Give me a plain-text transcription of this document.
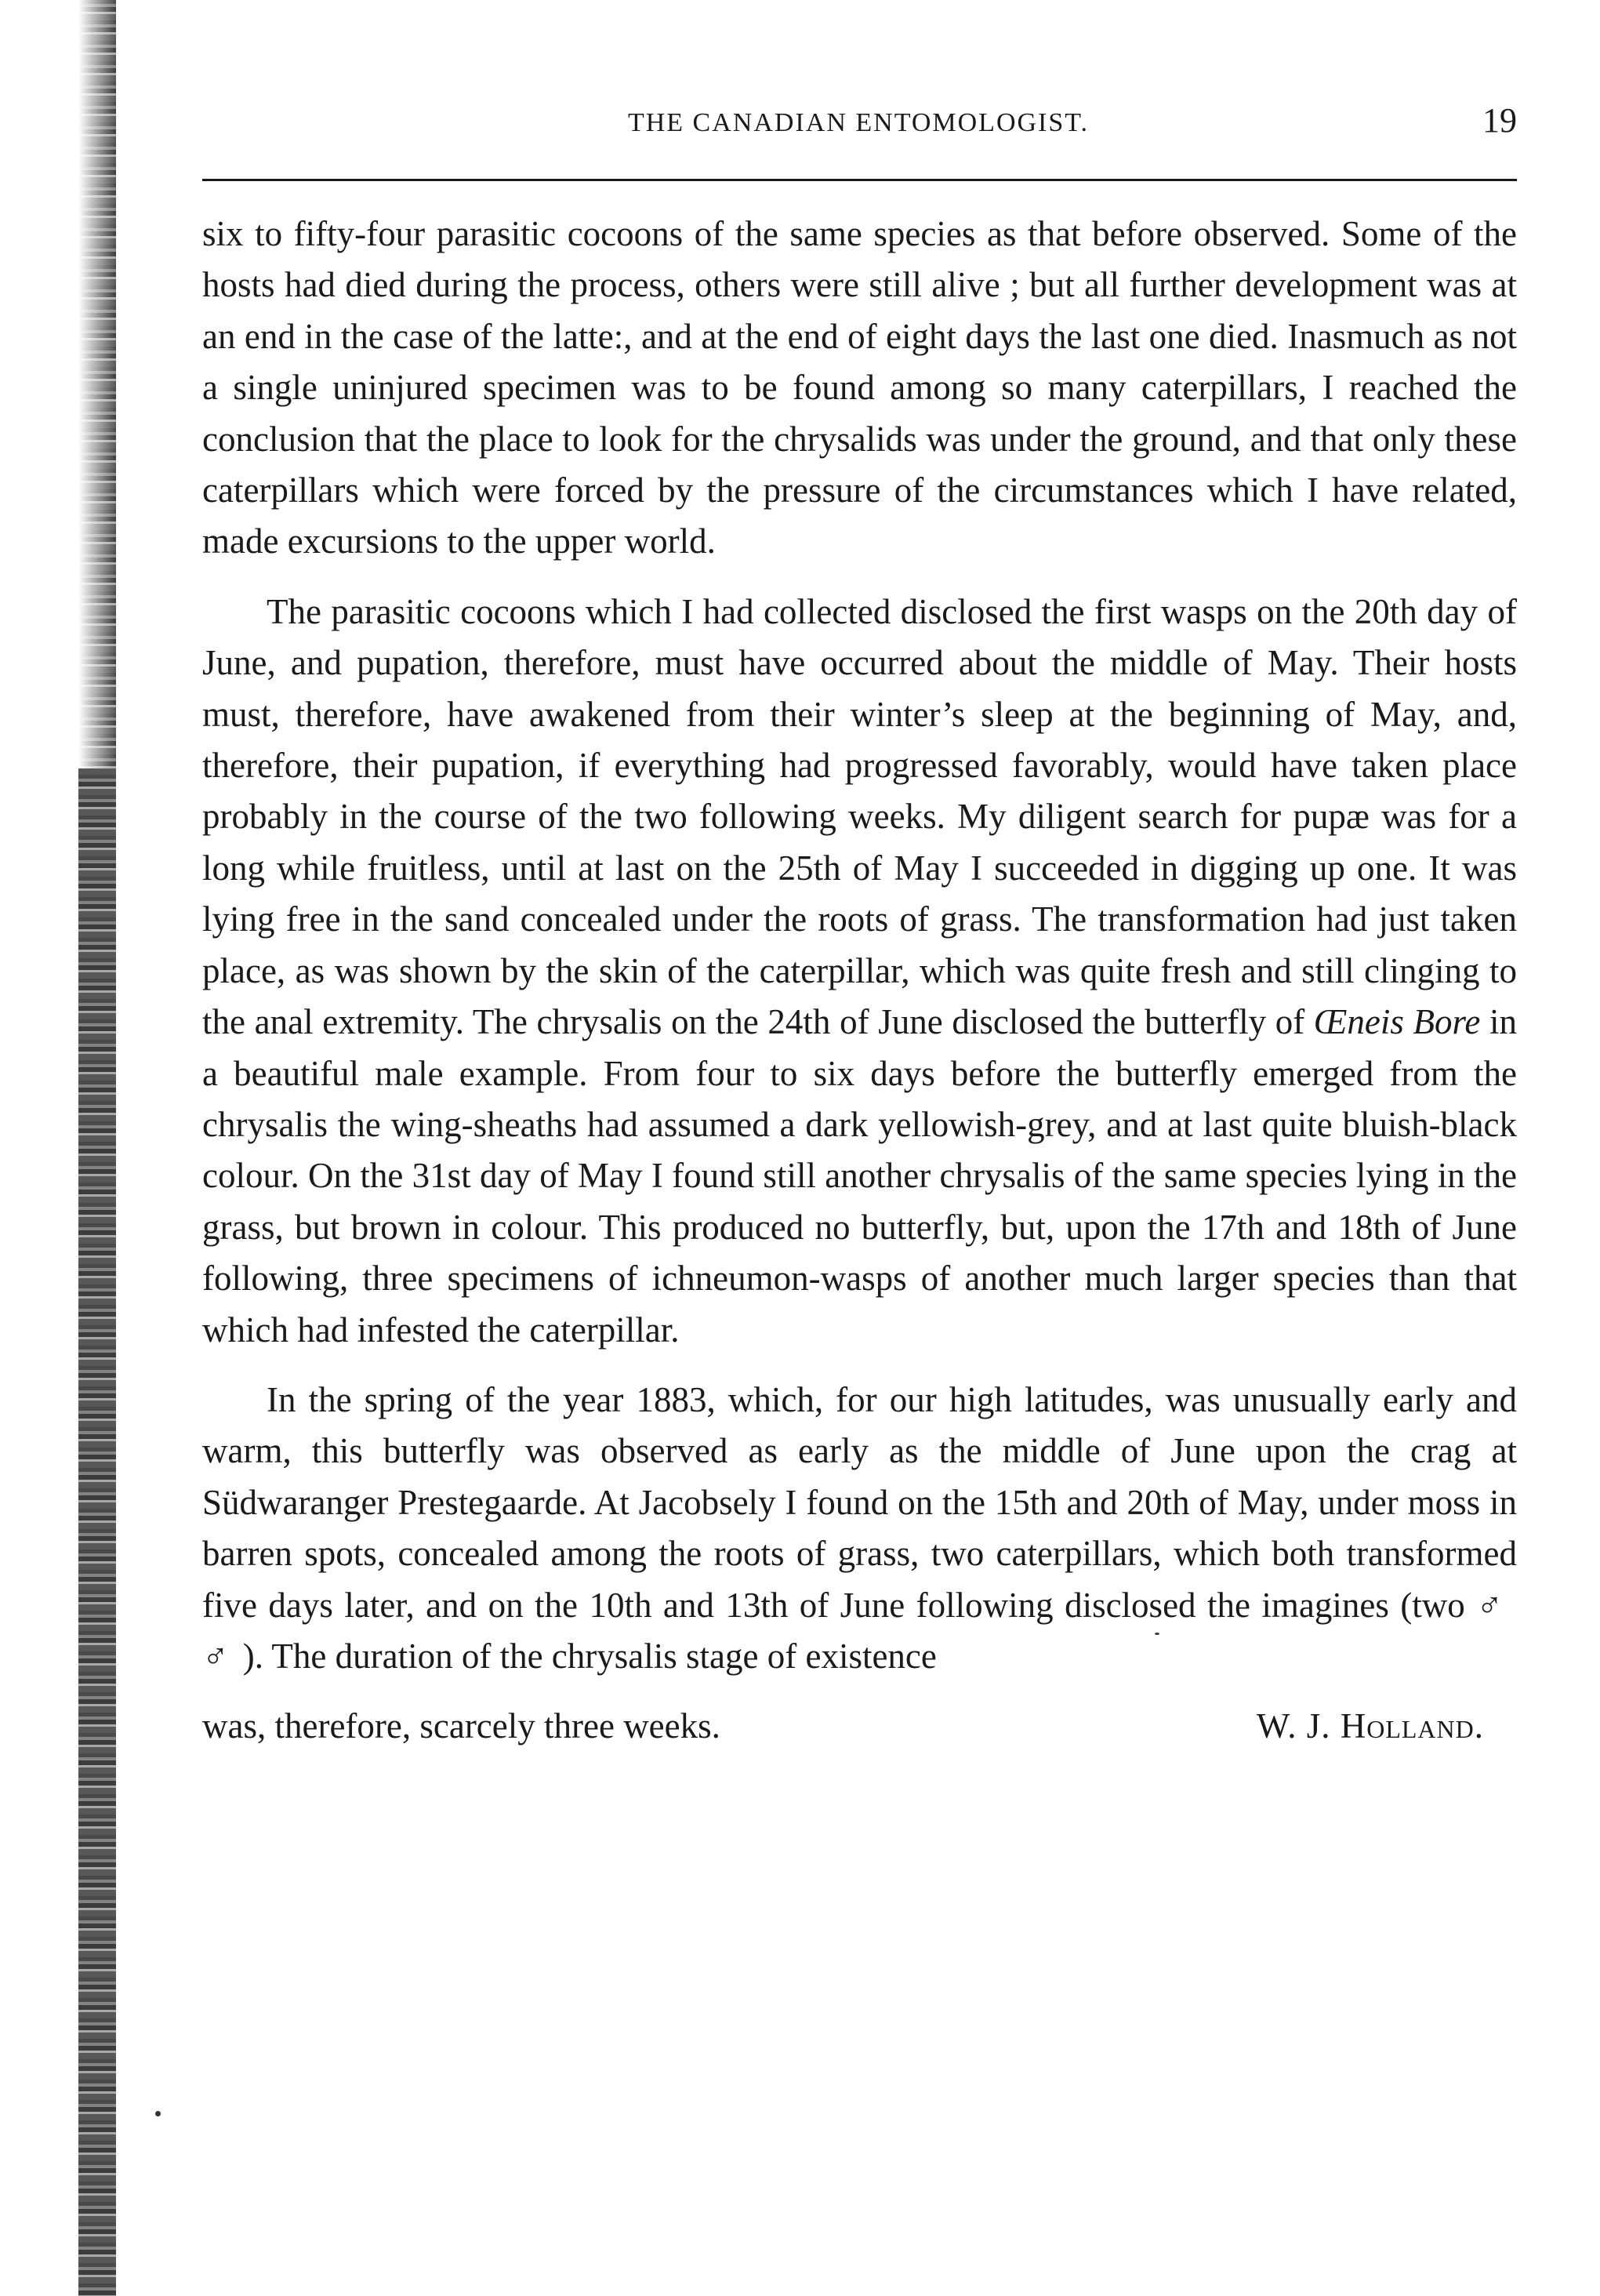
THE CANADIAN ENTOMOLOGIST.	19

six to fifty-four parasitic cocoons of the same species as that before observed. Some of the hosts had died during the process, others were still alive ; but all further development was at an end in the case of the latte:, and at the end of eight days the last one died. Inasmuch as not a single uninjured specimen was to be found among so many caterpillars, I reached the conclusion that the place to look for the chrysalids was under the ground, and that only these caterpillars which were forced by the pressure of the circumstances which I have related, made excursions to the upper world.

The parasitic cocoons which I had collected disclosed the first wasps on the 20th day of June, and pupation, therefore, must have occurred about the middle of May. Their hosts must, therefore, have awakened from their winter’s sleep at the beginning of May, and, therefore, their pupation, if everything had progressed favorably, would have taken place probably in the course of the two following weeks. My diligent search for pupæ was for a long while fruitless, until at last on the 25th of May I succeeded in digging up one. It was lying free in the sand concealed under the roots of grass. The transformation had just taken place, as was shown by the skin of the caterpillar, which was quite fresh and still clinging to the anal extremity. The chrysalis on the 24th of June disclosed the butterfly of Œneis Bore in a beautiful male example. From four to six days before the butterfly emerged from the chrysalis the wing-sheaths had assumed a dark yellowish-grey, and at last quite bluish-black colour. On the 31st day of May I found still another chrysalis of the same species lying in the grass, but brown in colour. This produced no butterfly, but, upon the 17th and 18th of June following, three specimens of ichneumon-wasps of another much larger species than that which had infested the caterpillar.

In the spring of the year 1883, which, for our high latitudes, was unusually early and warm, this butterfly was observed as early as the middle of June upon the crag at Südwaranger Prestegaarde. At Jacobsely I found on the 15th and 20th of May, under moss in barren spots, concealed among the roots of grass, two caterpillars, which both transformed five days later, and on the 10th and 13th of June following disclosed the imagines (two ♂ ♂). The duration of the chrysalis stage of existence

was, therefore, scarcely three weeks.	W. J. Holland.
